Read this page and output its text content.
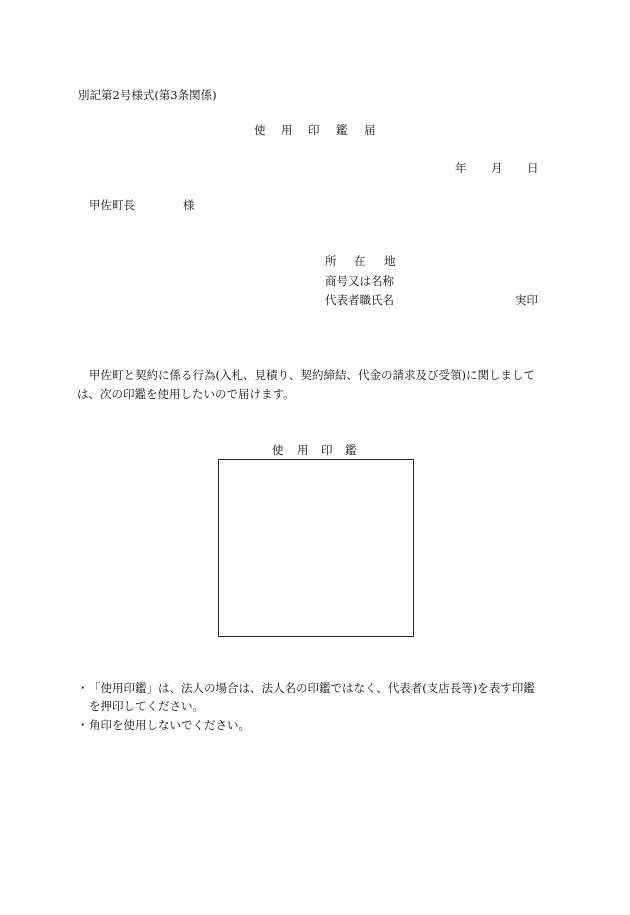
別記第2号様式(第3条関係)
使 用 印 鑑 届
年 月 日
甲佐町長	様
所 在 地
商号又は名称
代表者職氏名	実印
甲佐町と契約に係る行為(入札、見積り、契約締結、代金の請求及び受領)に関しまして
は、次の印鑑を使用したいので届けます。
使 用 印 鑑
・ 「使用印鑑」は、法人の場合は、法人名の印鑑ではなく、代表者(支店長等)を表す印鑑
を押印してください。
・ 角印を使用しないでください。
